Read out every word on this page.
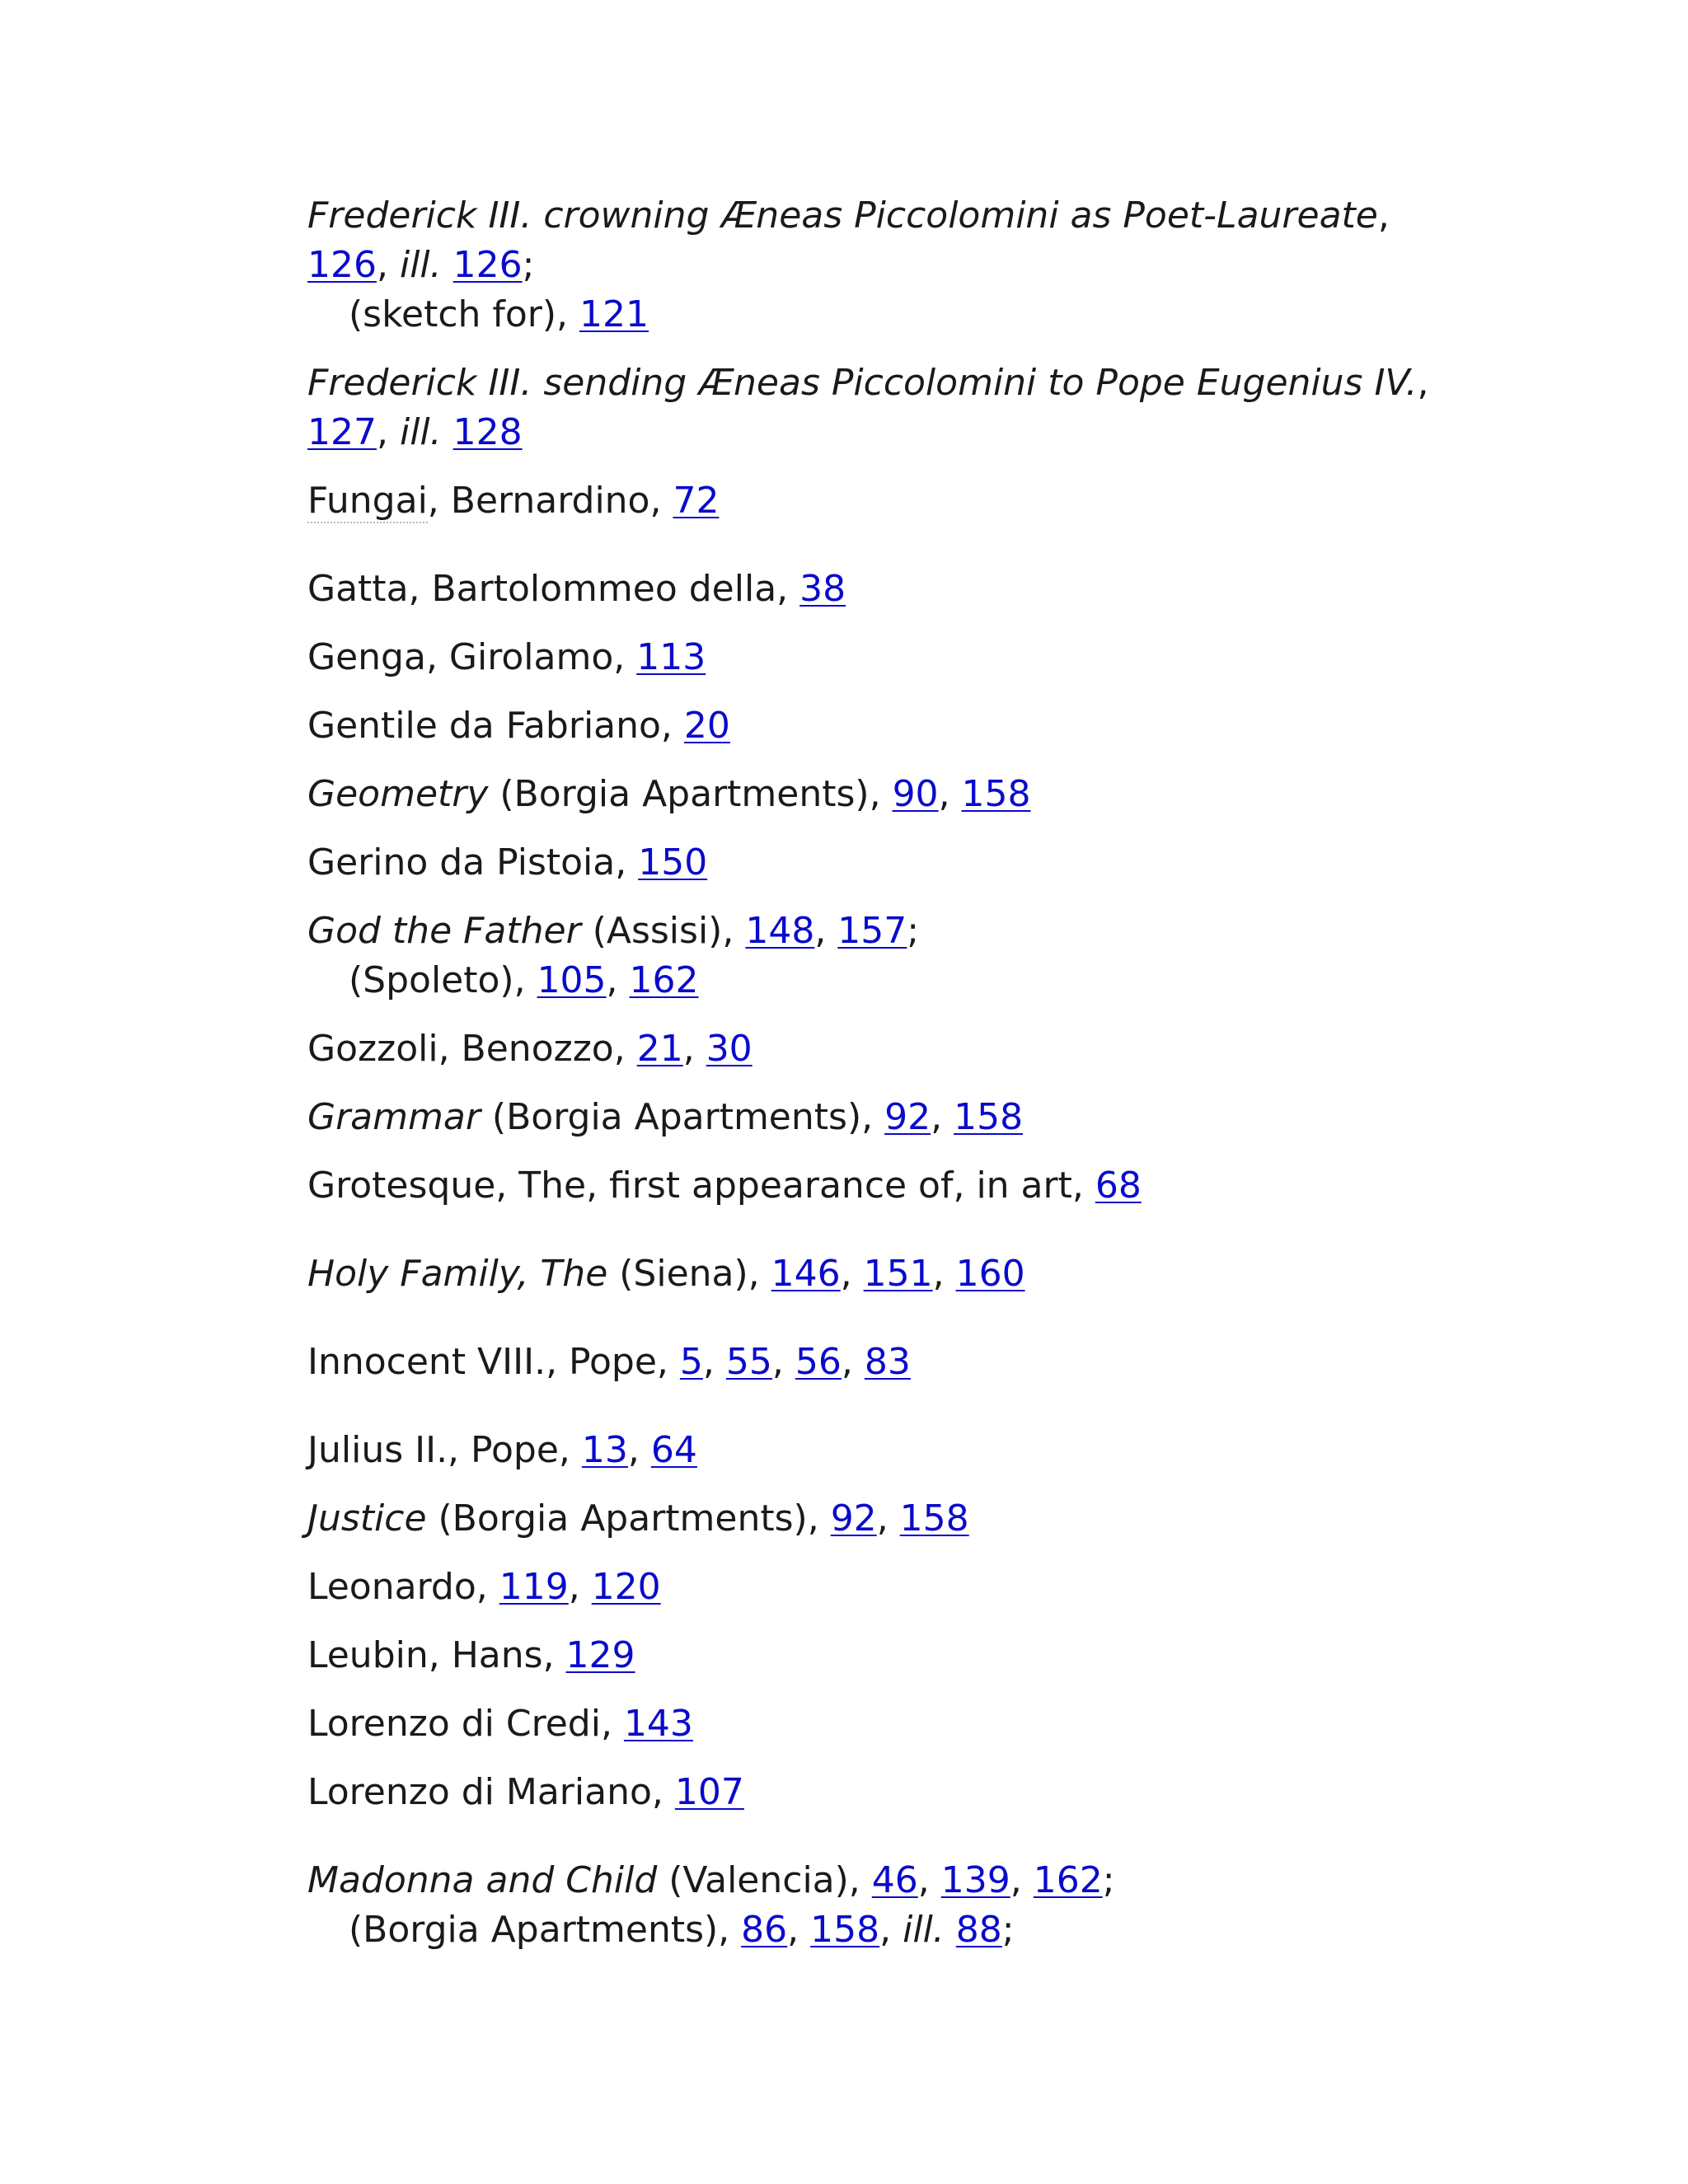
Frederick III. crowning Æneas Piccolomini as Poet-Laureate,
126, ill. 126;
(sketch for), 121
Frederick III. sending Æneas Piccolomini to Pope Eugenius IV.,
127, ill. 128
Fungai, Bernardino, 72
Gatta, Bartolommeo della, 38
Genga, Girolamo, 113
Gentile da Fabriano, 20
Geometry (Borgia Apartments), 90, 158
Gerino da Pistoia, 150
God the Father (Assisi), 148, 157;
(Spoleto), 105, 162
Gozzoli, Benozzo, 21, 30
Grammar (Borgia Apartments), 92, 158
Grotesque, The, first appearance of, in art, 68
Holy Family, The (Siena), 146, 151, 160
Innocent VIII., Pope, 5, 55, 56, 83
Julius II., Pope, 13, 64
Justice (Borgia Apartments), 92, 158
Leonardo, 119, 120
Leubin, Hans, 129
Lorenzo di Credi, 143
Lorenzo di Mariano, 107
Madonna and Child (Valencia), 46, 139, 162;
(Borgia Apartments), 86, 158, ill. 88;
